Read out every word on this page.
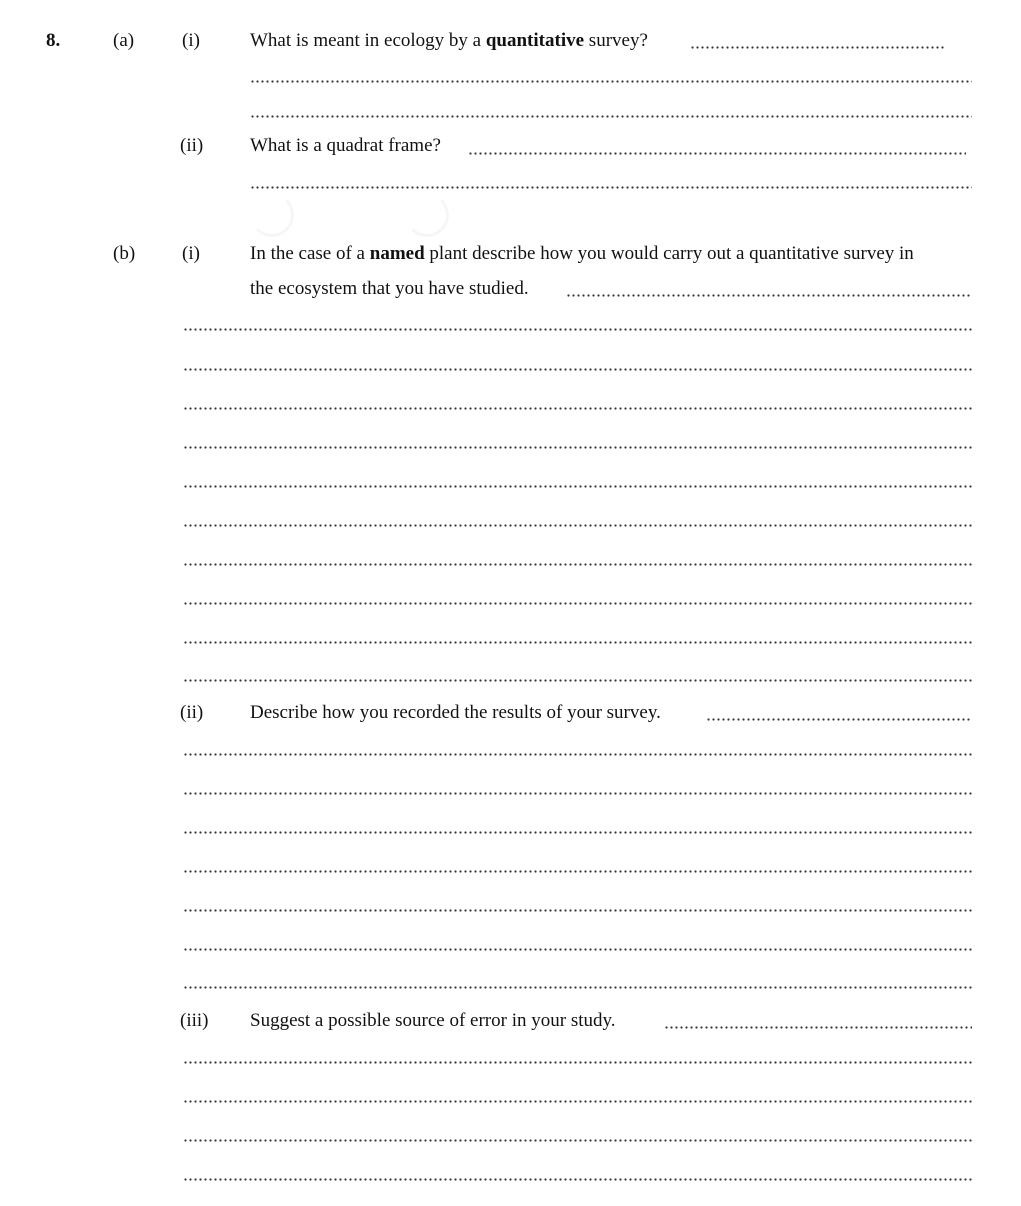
8.	(a)	(i)	What is meant in ecology by a quantitative survey?
(ii) What is a quadrat frame?
(b) (i)	In the case of a named plant describe how you would carry out a quantitative survey in
the ecosystem that you have studied.
(ii) Describe how you recorded the results of your survey.
(iii) Suggest a possible source of error in your study.
